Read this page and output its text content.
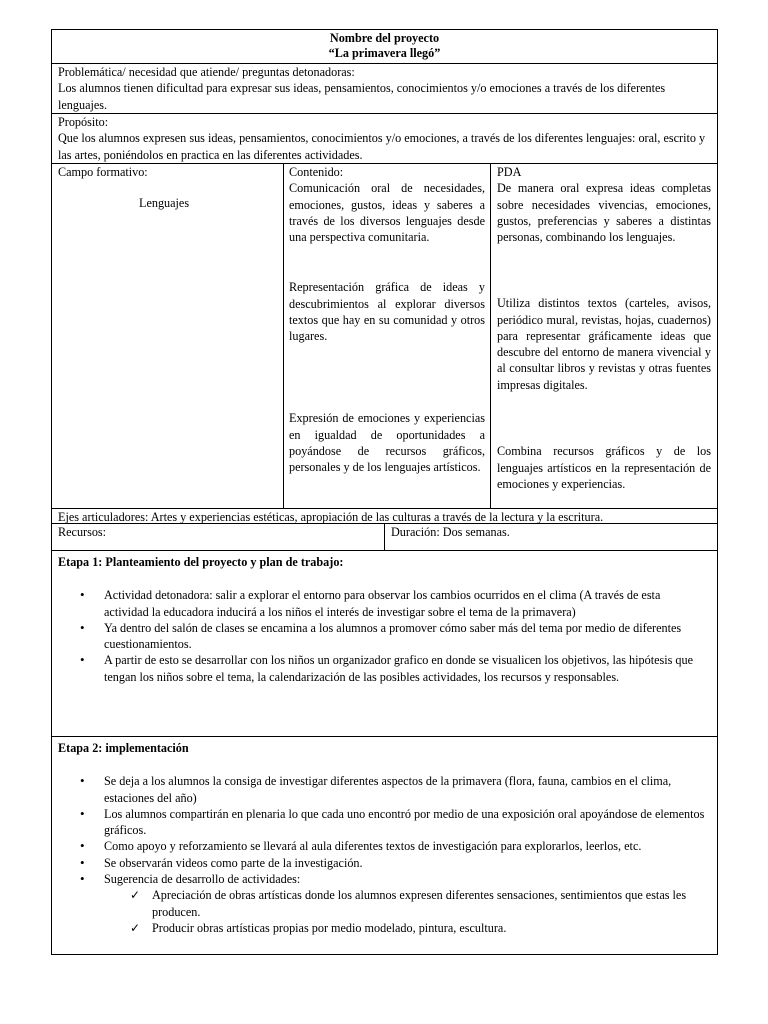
Nombre del proyecto
“La primavera llegó”
Problemática/ necesidad que atiende/ preguntas detonadoras:
Los alumnos tienen dificultad para expresar sus ideas, pensamientos, conocimientos y/o emociones a través de los diferentes lenguajes.
Propósito:
Que los alumnos expresen sus ideas, pensamientos, conocimientos y/o emociones, a través de los diferentes lenguajes: oral, escrito y las artes, poniéndolos en practica en las diferentes actividades.
Campo formativo:
Lenguajes
Contenido:
Comunicación oral de necesidades, emociones, gustos, ideas y saberes a través de los diversos lenguajes desde una perspectiva comunitaria.
Representación gráfica de ideas y descubrimientos al explorar diversos textos que hay en su comunidad y otros lugares.
Expresión de emociones y experiencias en igualdad de oportunidades a poyándose de recursos gráficos, personales y de los lenguajes artísticos.
PDA
De manera oral expresa ideas completas sobre necesidades vivencias, emociones, gustos, preferencias y saberes a distintas personas, combinando los lenguajes.
Utiliza distintos textos (carteles, avisos, periódico mural, revistas, hojas, cuadernos) para representar gráficamente ideas que descubre del entorno de manera vivencial y al consultar libros y revistas y otras fuentes impresas digitales.
Combina recursos gráficos y de los lenguajes artísticos en la representación de emociones y experiencias.
Ejes articuladores: Artes y experiencias estéticas, apropiación de las culturas a través de la lectura y la escritura.
Recursos:	Duración: Dos semanas.
Etapa 1: Planteamiento del proyecto y plan de trabajo:
• Actividad detonadora: salir a explorar el entorno para observar los cambios ocurridos en el clima (A través de esta actividad la educadora inducirá a los niños el interés de investigar sobre el tema de la primavera)
• Ya dentro del salón de clases se encamina a los alumnos a promover cómo saber más del tema por medio de diferentes cuestionamientos.
• A partir de esto se desarrollar con los niños un organizador grafico en donde se visualicen los objetivos, las hipótesis que tengan los niños sobre el tema, la calendarización de las posibles actividades, los recursos y responsables.
Etapa 2: implementación
• Se deja a los alumnos la consiga de investigar diferentes aspectos de la primavera (flora, fauna, cambios en el clima, estaciones del año)
• Los alumnos compartirán en plenaria lo que cada uno encontró por medio de una exposición oral apoyándose de elementos gráficos.
• Como apoyo y reforzamiento se llevará al aula diferentes textos de investigación para explorarlos, leerlos, etc.
• Se observarán videos como parte de la investigación.
• Sugerencia de desarrollo de actividades:
✓ Apreciación de obras artísticas donde los alumnos expresen diferentes sensaciones, sentimientos que estas les producen.
✓ Producir obras artísticas propias por medio modelado, pintura, escultura.
